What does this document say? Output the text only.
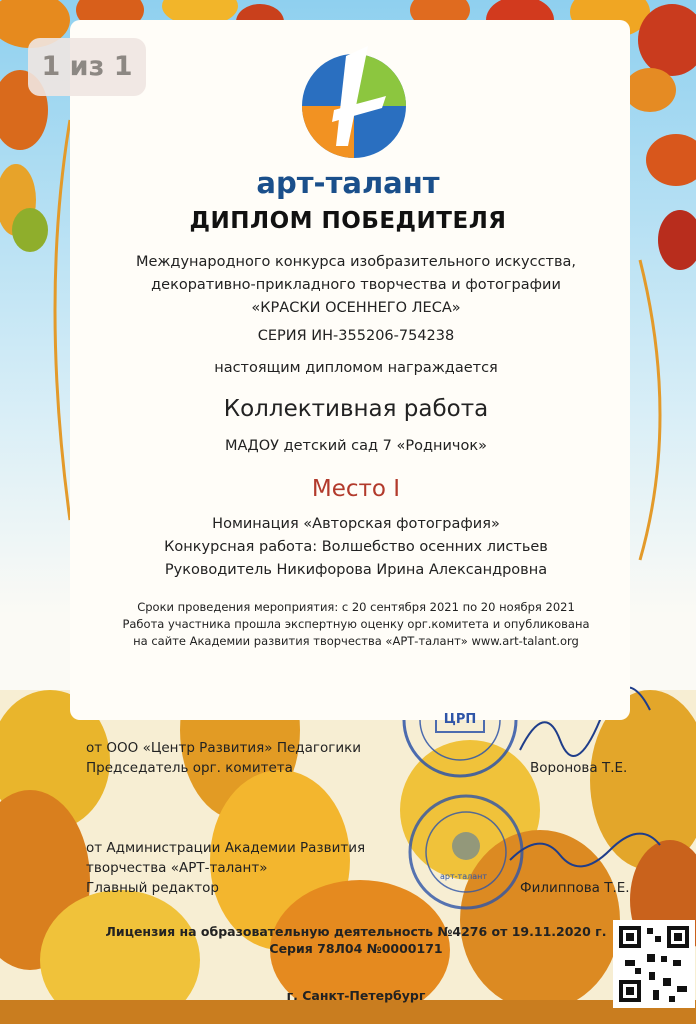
1 из 1
арт-талант
ДИПЛОМ ПОБЕДИТЕЛЯ
Международного конкурса изобразительного искусства,
декоративно-прикладного творчества и фотографии
«КРАСКИ ОСЕННЕГО ЛЕСА»
СЕРИЯ ИН-355206-754238
настоящим дипломом награждается
Коллективная работа
МАДОУ детский сад 7 «Родничок»
Место I
Номинация «Авторская фотография»
Конкурсная работа: Волшебство осенних листьев
Руководитель Никифорова Ирина Александровна
Сроки проведения мероприятия: с 20 сентября 2021 по 20 ноября 2021
Работа участника прошла экспертную оценку орг.комитета и опубликована
на сайте Академии развития творчества «АРТ-талант» www.art-talant.org
ЦРП
арт-талант
от ООО «Центр Развития» Педагогики
Председатель орг. комитета	Воронова Т.Е.
от Администрации Академии Развития
творчества «АРТ-талант»
Главный редактор	Филиппова Т.Е.
Лицензия на образовательную деятельность №4276 от 19.11.2020 г.
Серия 78Л04 №0000171
г. Санкт-Петербург
